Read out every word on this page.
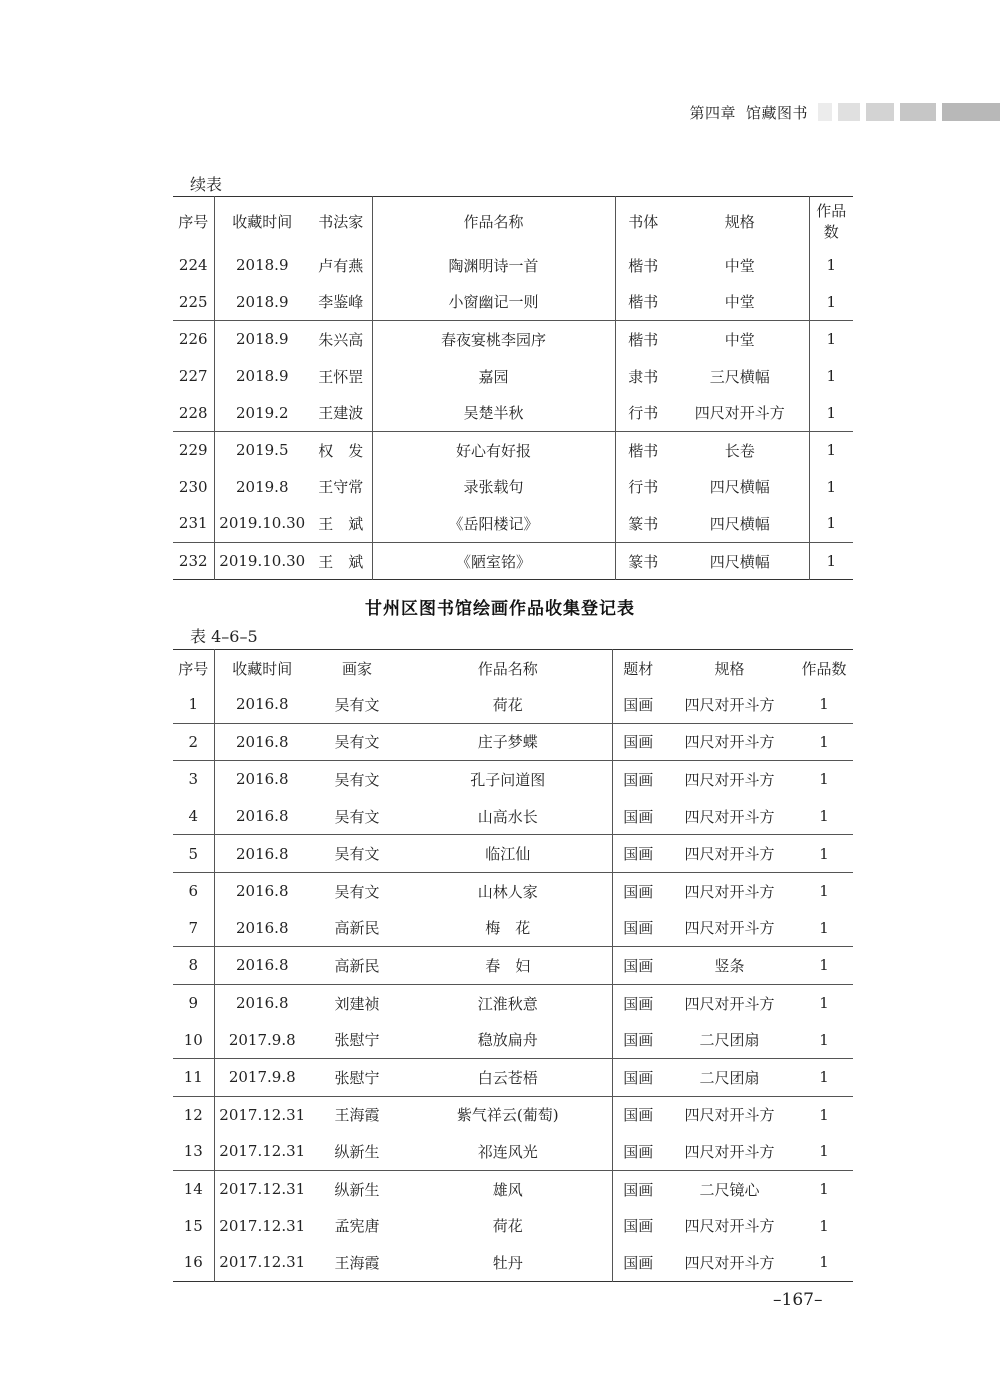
第四章 馆藏图书
续表
序号	收藏时间	书法家	作品名称	书体	规格	作品
数
224	2018.9	卢有燕	陶渊明诗一首	楷书	中堂	1
225	2018.9	李鉴峰	小窗幽记一则	楷书	中堂	1
226	2018.9	朱兴高	春夜宴桃李园序	楷书	中堂	1
227	2018.9	王怀罡	嘉园	隶书	三尺横幅	1
228	2019.2	王建波	吴楚半秋	行书	四尺对开斗方	1
229	2019.5	权　发	好心有好报	楷书	长卷	1
230	2019.8	王守常	录张载句	行书	四尺横幅	1
231	2019.10.30	王　斌	《岳阳楼记》	篆书	四尺横幅	1
232	2019.10.30	王　斌	《陋室铭》	篆书	四尺横幅	1
甘州区图书馆绘画作品收集登记表
表 4–6–5
序号	收藏时间	画家	作品名称	题材	规格	作品数
1	2016.8	吴有文	荷花	国画	四尺对开斗方	1
2	2016.8	吴有文	庄子梦蝶	国画	四尺对开斗方	1
3	2016.8	吴有文	孔子问道图	国画	四尺对开斗方	1
4	2016.8	吴有文	山高水长	国画	四尺对开斗方	1
5	2016.8	吴有文	临江仙	国画	四尺对开斗方	1
6	2016.8	吴有文	山林人家	国画	四尺对开斗方	1
7	2016.8	高新民	梅　花	国画	四尺对开斗方	1
8	2016.8	高新民	春　妇	国画	竖条	1
9	2016.8	刘建祯	江淮秋意	国画	四尺对开斗方	1
10	2017.9.8	张慰宁	稳放扁舟	国画	二尺团扇	1
11	2017.9.8	张慰宁	白云苍梧	国画	二尺团扇	1
12	2017.12.31	王海霞	紫气祥云(葡萄)	国画	四尺对开斗方	1
13	2017.12.31	纵新生	祁连风光	国画	四尺对开斗方	1
14	2017.12.31	纵新生	雄风	国画	二尺镜心	1
15	2017.12.31	孟宪唐	荷花	国画	四尺对开斗方	1
16	2017.12.31	王海霞	牡丹	国画	四尺对开斗方	1
–167–
